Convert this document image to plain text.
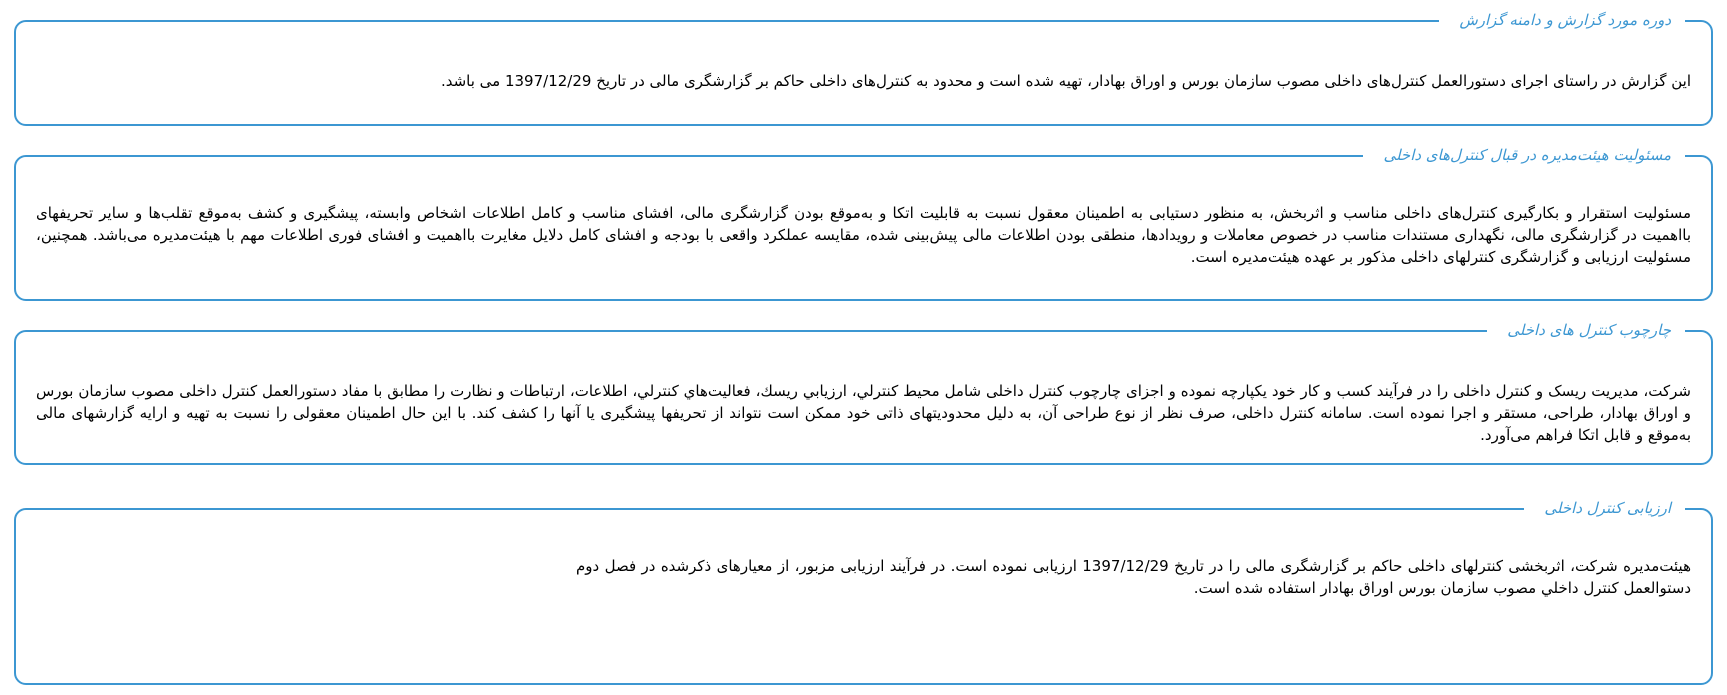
دوره مورد گزارش و دامنه گزارش
این گزارش در راستای اجرای دستورالعمل کنترل‌های داخلی مصوب سازمان بورس و اوراق بهادار، تهیه شده است و محدود به کنترل‌های داخلی حاکم بر گزارشگری مالی در تاریخ 1397/12/29 می باشد.
مسئولیت هیئت‌مدیره در قبال کنترل‌های داخلی
مسئولیت استقرار و بکارگیری کنترل‌های داخلی مناسب و اثربخش، به منظور دستیابی به اطمینان معقول نسبت به قابلیت اتکا و به‌موقع بودن گزارشگری مالی، افشای مناسب و کامل اطلاعات اشخاص وابسته، پیشگیری و کشف به‌موقع تقلب‌ها و سایر تحریفهای بااهمیت در گزارشگری مالی، نگهداری مستندات مناسب در خصوص معاملات و رویدادها، منطقی بودن اطلاعات مالی پیش‌بینی شده، مقایسه عملکرد واقعی با بودجه و افشای کامل دلایل مغایرت بااهمیت و افشای فوری اطلاعات مهم با هیئت‌مدیره می‌باشد. همچنین، مسئولیت ارزیابی و گزارشگری کنترلهای داخلی مذکور بر عهده هیئت‌مدیره است.
چارچوب کنترل های داخلی
شرکت، مدیریت ریسک و کنترل داخلی را در فرآیند کسب و کار خود یکپارچه نموده و اجزای چارچوب کنترل داخلی شامل محیط کنترلي، ارزيابي ريسك، فعاليت‌هاي كنترلي، اطلاعات، ارتباطات و نظارت را مطابق با مفاد دستورالعمل کنترل داخلی مصوب سازمان بورس و اوراق بهادار، طراحی، مستقر و اجرا نموده است. سامانه کنترل داخلی، صرف نظر از نوع طراحی آن، به دلیل محدودیتهای ذاتی خود ممکن است نتواند از تحریفها پیشگیری یا آنها را کشف کند. با این حال اطمینان معقولی را نسبت به تهیه و ارایه گزارشهای مالی به‌موقع و قابل اتکا فراهم می‌آورد.
ارزیابی کنترل داخلی
هیئت‌مدیره شرکت، اثربخشی کنترلهای داخلی حاکم بر گزارشگری مالی را در تاریخ 1397/12/29 ارزیابی نموده است. در فرآیند ارزیابی مزبور، از معیارهای ذکرشده در فصل دوم دستوالعمل کنترل داخلي مصوب سازمان بورس اوراق بهادار استفاده شده است.
